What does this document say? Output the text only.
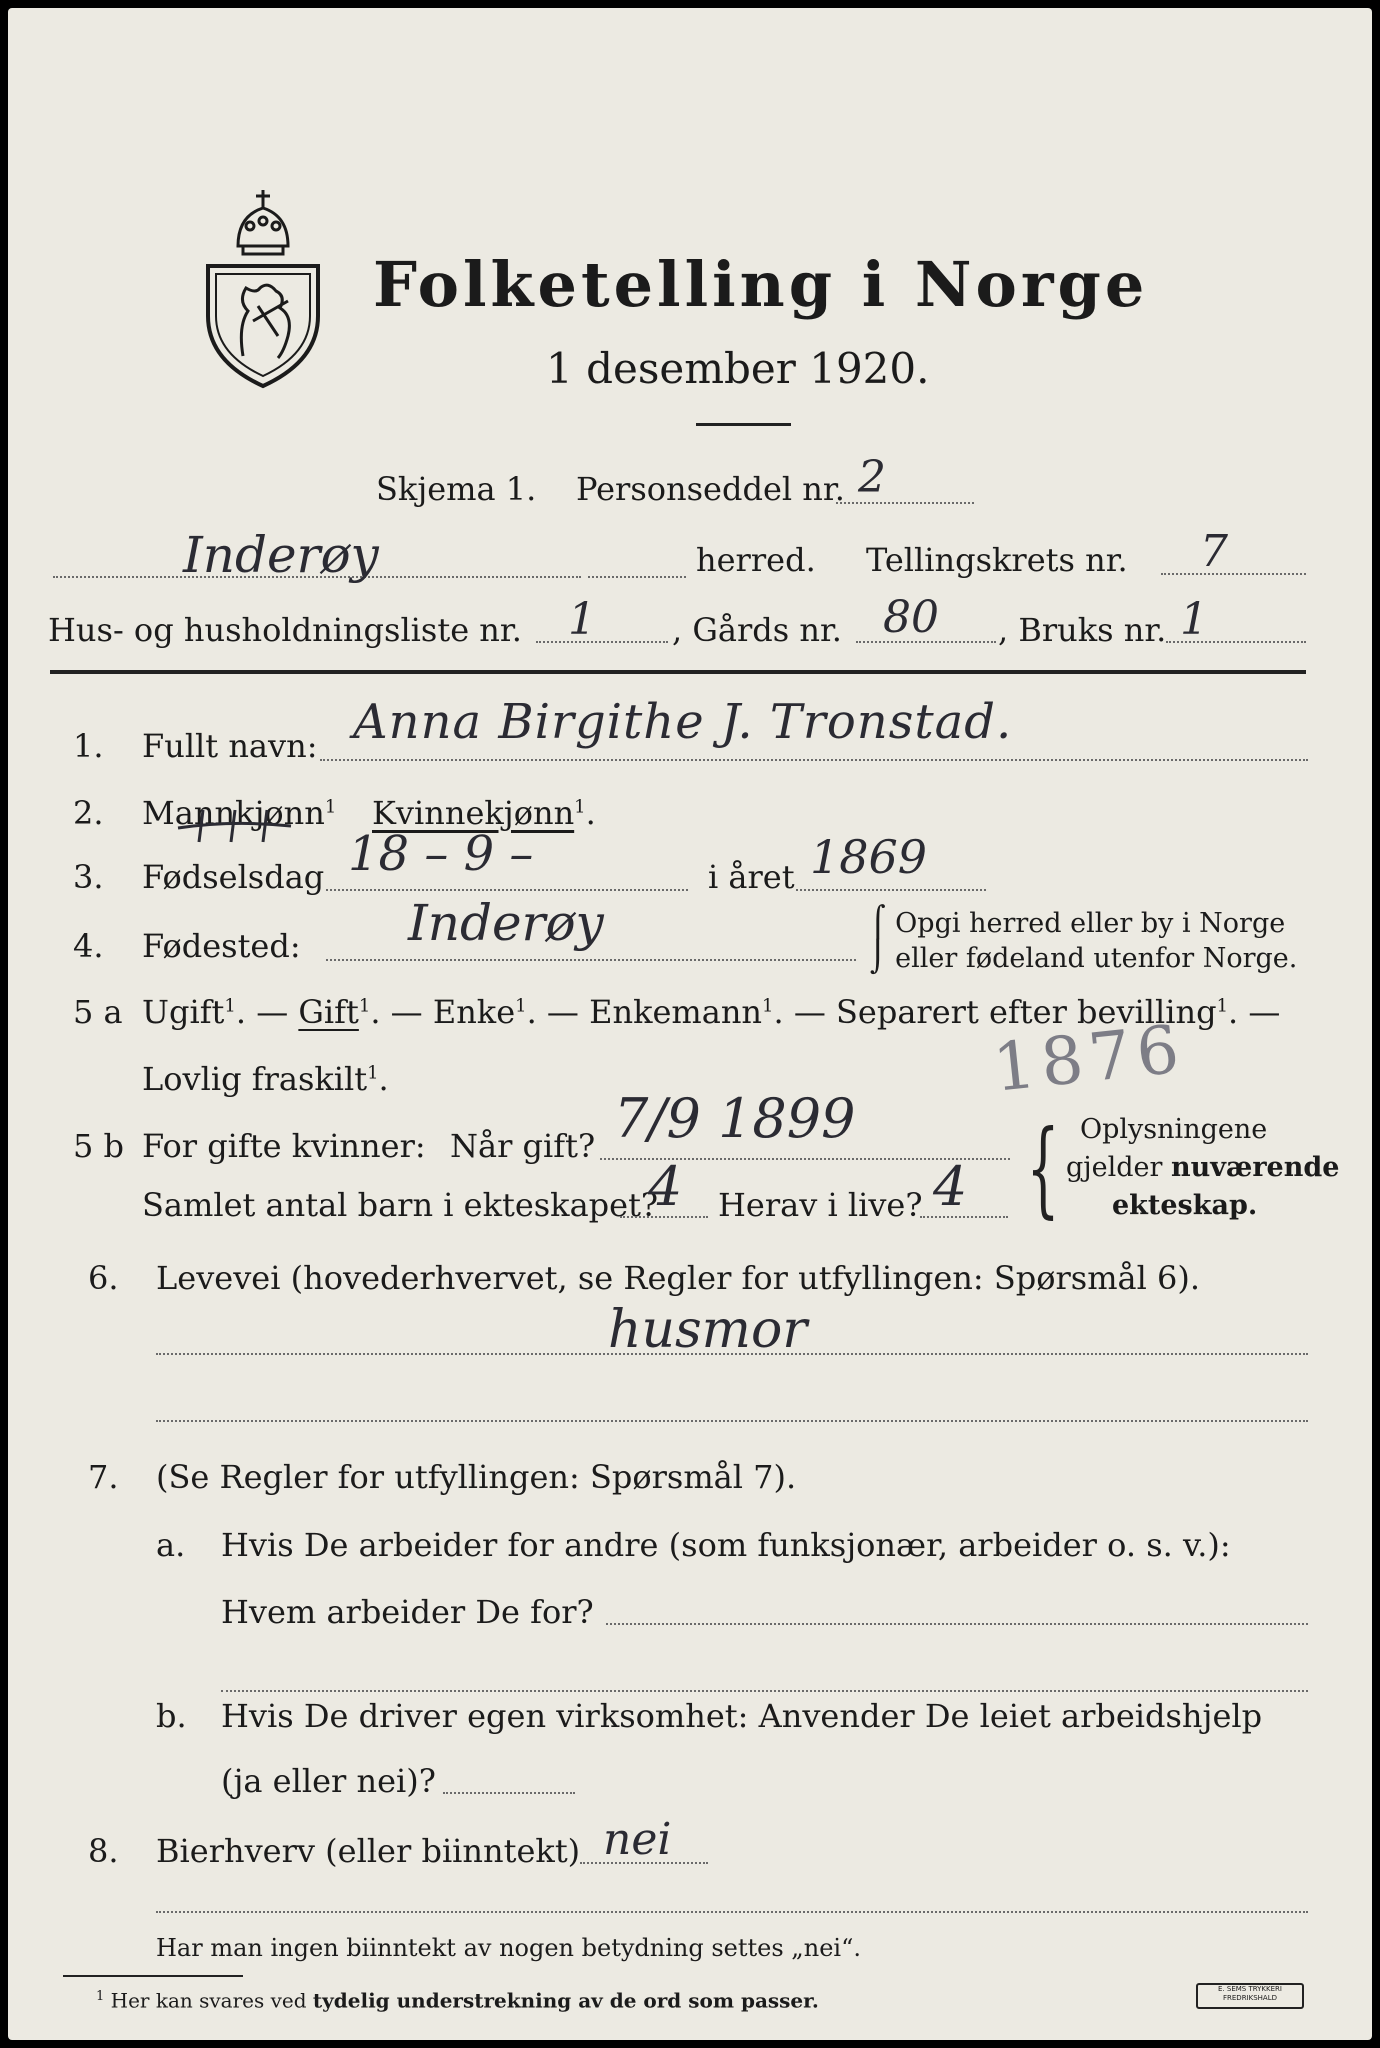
Folketelling i Norge
1 desember 1920.
Skjema 1. Personseddel nr. 2
Inderøy	herred. Tellingskrets nr. 7
Hus- og husholdningsliste nr. 1 , Gårds nr. 80 , Bruks nr. 1
1. Fullt navn: Anna Birgithe J. Tronstad.
2. Mannkjønn$^1$ Kvinnekjønn$^1$.
3. Fødselsdag 18 – 9 –	i året 1869
4. Fødested: Inderøy	⌠ Opgi herred eller by i Norge
⌡ eller fødeland utenfor Norge.
5 a Ugift$^1$. — Gift$^1$. — Enke$^1$. — Enkemann$^1$. — Separert efter bevilling$^1$. —
Lovlig fraskilt$^1$.	1876
5 b For gifte kvinner: Når gift? 7/9 1899
Samlet antal barn i ekteskapet?
4 Herav i live? 4 { Oplysningene
gjelder nuværende
ekteskap.
6. Levevei (hovederhvervet, se Regler for utfyllingen: Spørsmål 6).
husmor
7. (Se Regler for utfyllingen: Spørsmål 7).
a. Hvis De arbeider for andre (som funksjonær, arbeider o. s. v.):
Hvem arbeider De for?
b. Hvis De driver egen virksomhet: Anvender De leiet arbeidshjelp
(ja eller nei)?
8. Bierhverv (eller biinntekt) nei
Har man ingen biinntekt av nogen betydning settes „nei“.
$^1$ Her kan svares ved tydelig understrekning av de ord som passer.	E. SEMS TRYKKERI
FREDRIKSHALD
